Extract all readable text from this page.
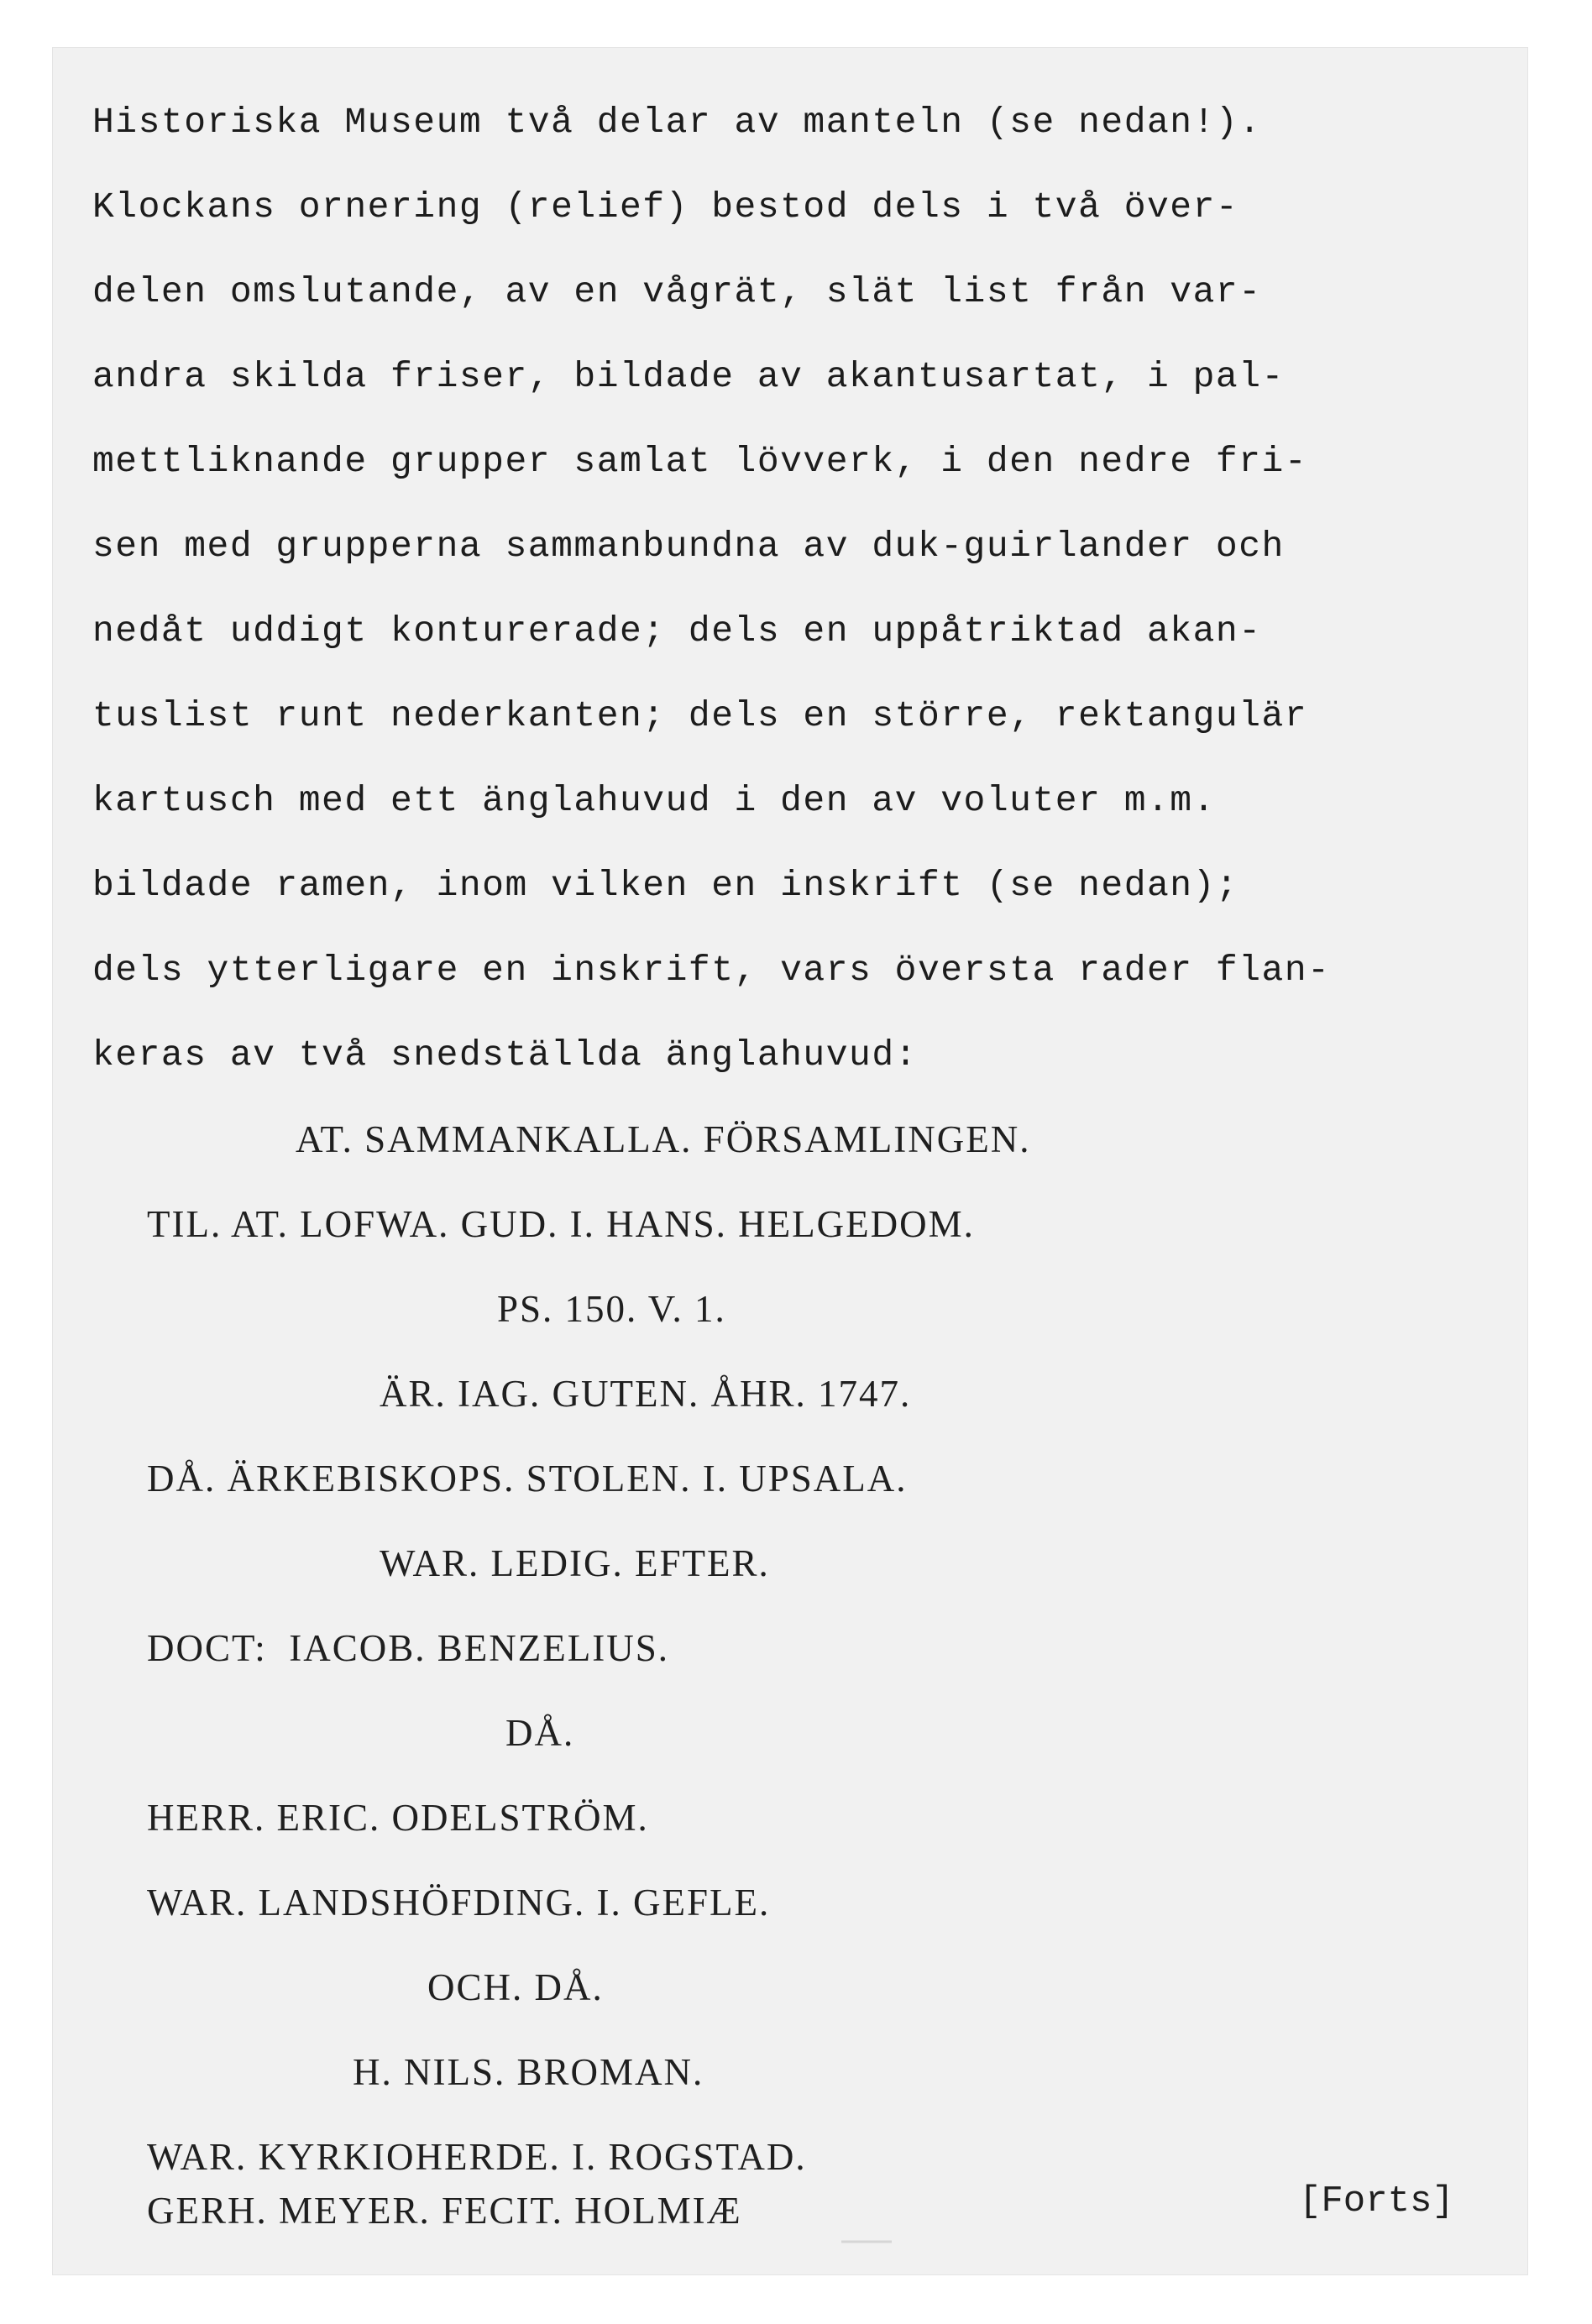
Historiska Museum två delar av manteln (se nedan!).
Klockans ornering (relief) bestod dels i två över-
delen omslutande, av en vågrät, slät list från var-
andra skilda friser, bildade av akantusartat, i pal-
mettliknande grupper samlat lövverk, i den nedre fri-
sen med grupperna sammanbundna av duk-guirlander och
nedåt uddigt konturerade; dels en uppåtriktad akan-
tuslist runt nederkanten; dels en större, rektangulär
kartusch med ett änglahuvud i den av voluter m.m.
bildade ramen, inom vilken en inskrift (se nedan);
dels ytterligare en inskrift, vars översta rader flan-
keras av två snedställda änglahuvud:
AT. SAMMANKALLA. FÖRSAMLINGEN.
TIL. AT. LOFWA. GUD. I. HANS. HELGEDOM.
PS. 150. V. 1.
ÄR. IAG. GUTEN. ÅHR. 1747.
DÅ. ÄRKEBISKOPS. STOLEN. I. UPSALA.
WAR. LEDIG. EFTER.
DOCT:  IACOB. BENZELIUS.
DÅ.
HERR. ERIC. ODELSTRÖM.
WAR. LANDSHÖFDING. I. GEFLE.
OCH. DÅ.
H. NILS. BROMAN.
WAR. KYRKIOHERDE. I. ROGSTAD.
GERH. MEYER. FECIT. HOLMIÆ	[Forts]
